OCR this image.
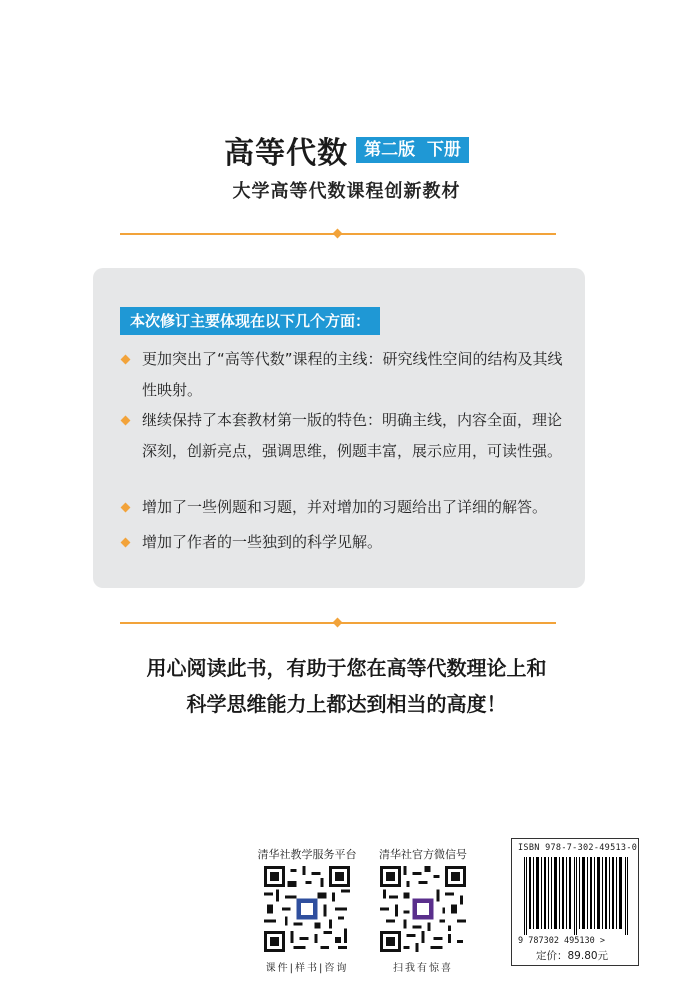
高等代数 第二版  下册
大学高等代数课程创新教材
本次修订主要体现在以下几个方面：
更加突出了“高等代数”课程的主线：研究线性空间的结构及其线性映射。
继续保持了本套教材第一版的特色：明确主线，内容全面，理论深刻，创新亮点，强调思维，例题丰富，展示应用，可读性强。
增加了一些例题和习题，并对增加的习题给出了详细的解答。
增加了作者的一些独到的科学见解。
用心阅读此书，有助于您在高等代数理论上和
科学思维能力上都达到相当的高度！
清华社教学服务平台
课件|样书|咨询
清华社官方微信号
扫我有惊喜
ISBN 978-7-302-49513-0
9 787302 495130 >
定价：89.80元
